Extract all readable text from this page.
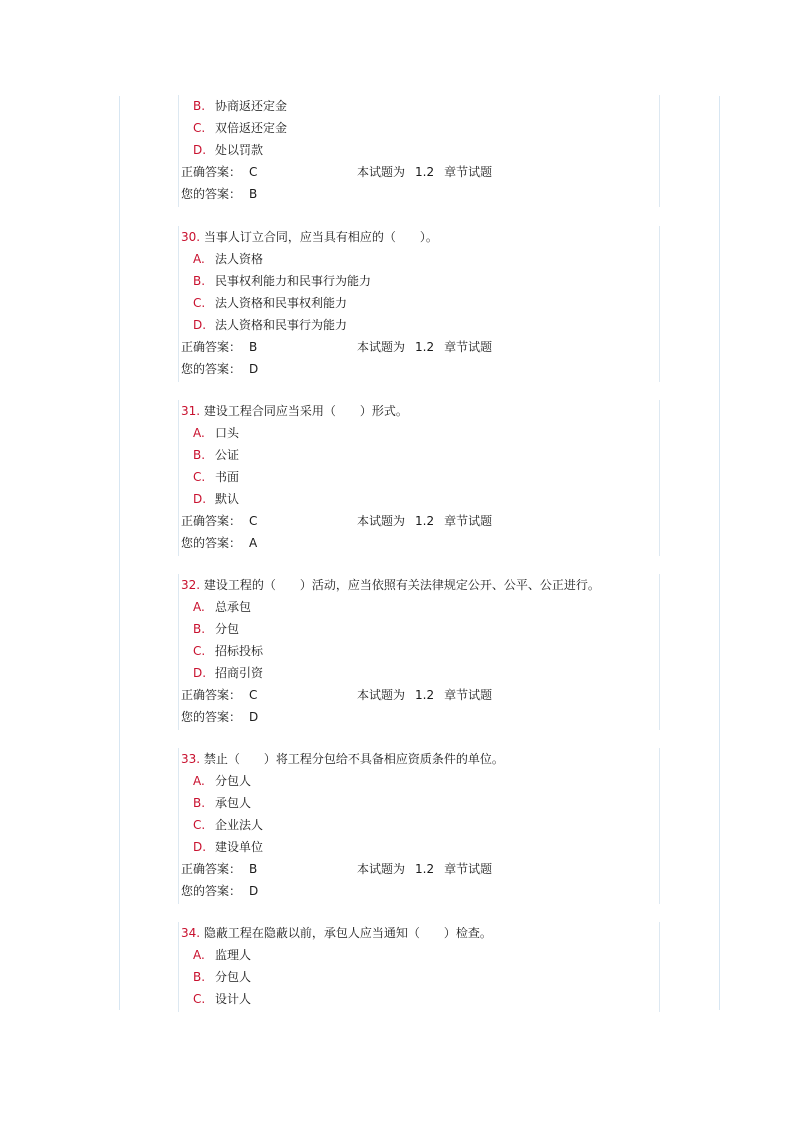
B. 协商返还定金
C. 双倍返还定金
D. 处以罚款
正确答案： C	本试题为 1.2 章节试题
您的答案： B
30. 当事人订立合同，应当具有相应的（　　）。
A. 法人资格
B. 民事权利能力和民事行为能力
C. 法人资格和民事权利能力
D. 法人资格和民事行为能力
正确答案： B	本试题为 1.2 章节试题
您的答案： D
31. 建设工程合同应当采用（　　）形式。
A. 口头
B. 公证
C. 书面
D. 默认
正确答案： C	本试题为 1.2 章节试题
您的答案： A
32. 建设工程的（　　）活动，应当依照有关法律规定公开、公平、公正进行。
A. 总承包
B. 分包
C. 招标投标
D. 招商引资
正确答案： C	本试题为 1.2 章节试题
您的答案： D
33. 禁止（　　）将工程分包给不具备相应资质条件的单位。
A. 分包人
B. 承包人
C. 企业法人
D. 建设单位
正确答案： B	本试题为 1.2 章节试题
您的答案： D
34. 隐蔽工程在隐蔽以前，承包人应当通知（　　）检查。
A. 监理人
B. 分包人
C. 设计人
